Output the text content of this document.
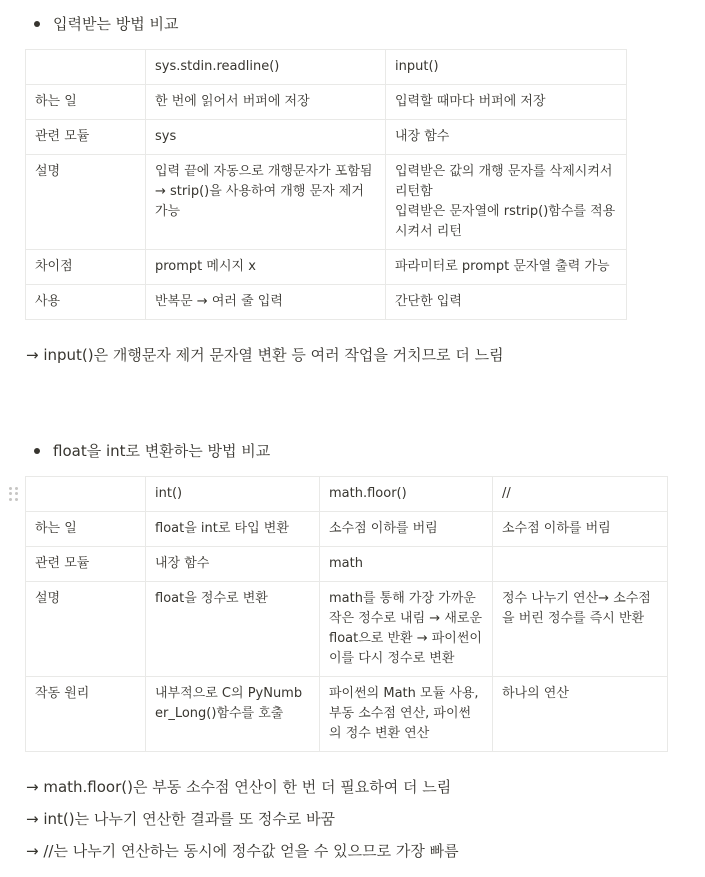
입력받는 방법 비교
	sys.stdin.readline()	input()
하는 일	한 번에 읽어서 버퍼에 저장	입력할 때마다 버퍼에 저장
관련 모듈	sys	내장 함수
설명	입력 끝에 자동으로 개행문자가 포함됨 → strip()을 사용하여 개행 문자 제거 가능	입력받은 값의 개행 문자를 삭제시켜서 리턴함
입력받은 문자열에 rstrip()함수를 적용시켜서 리턴
차이점	prompt 메시지 x	파라미터로 prompt 문자열 출력 가능
사용	반복문 → 여러 줄 입력	간단한 입력
→ input()은 개행문자 제거 문자열 변환 등 여러 작업을 거치므로 더 느림
float을 int로 변환하는 방법 비교
	int()	math.floor()	//
하는 일	float을 int로 타입 변환	소수점 이하를 버림	소수점 이하를 버림
관련 모듈	내장 함수	math	
설명	float을 정수로 변환	math를 통해 가장 가까운 작은 정수로 내림 → 새로운 float으로 반환 → 파이썬이 이를 다시 정수로 변환	정수 나누기 연산→ 소수점을 버린 정수를 즉시 반환
작동 원리	내부적으로 C의 PyNumber_Long()함수를 호출	파이썬의 Math 모듈 사용, 부동 소수점 연산, 파이썬의 정수 변환 연산	하나의 연산
→ math.floor()은 부동 소수점 연산이 한 번 더 필요하여 더 느림
→ int()는 나누기 연산한 결과를 또 정수로 바꿈
→ //는 나누기 연산하는 동시에 정수값 얻을 수 있으므로 가장 빠름
